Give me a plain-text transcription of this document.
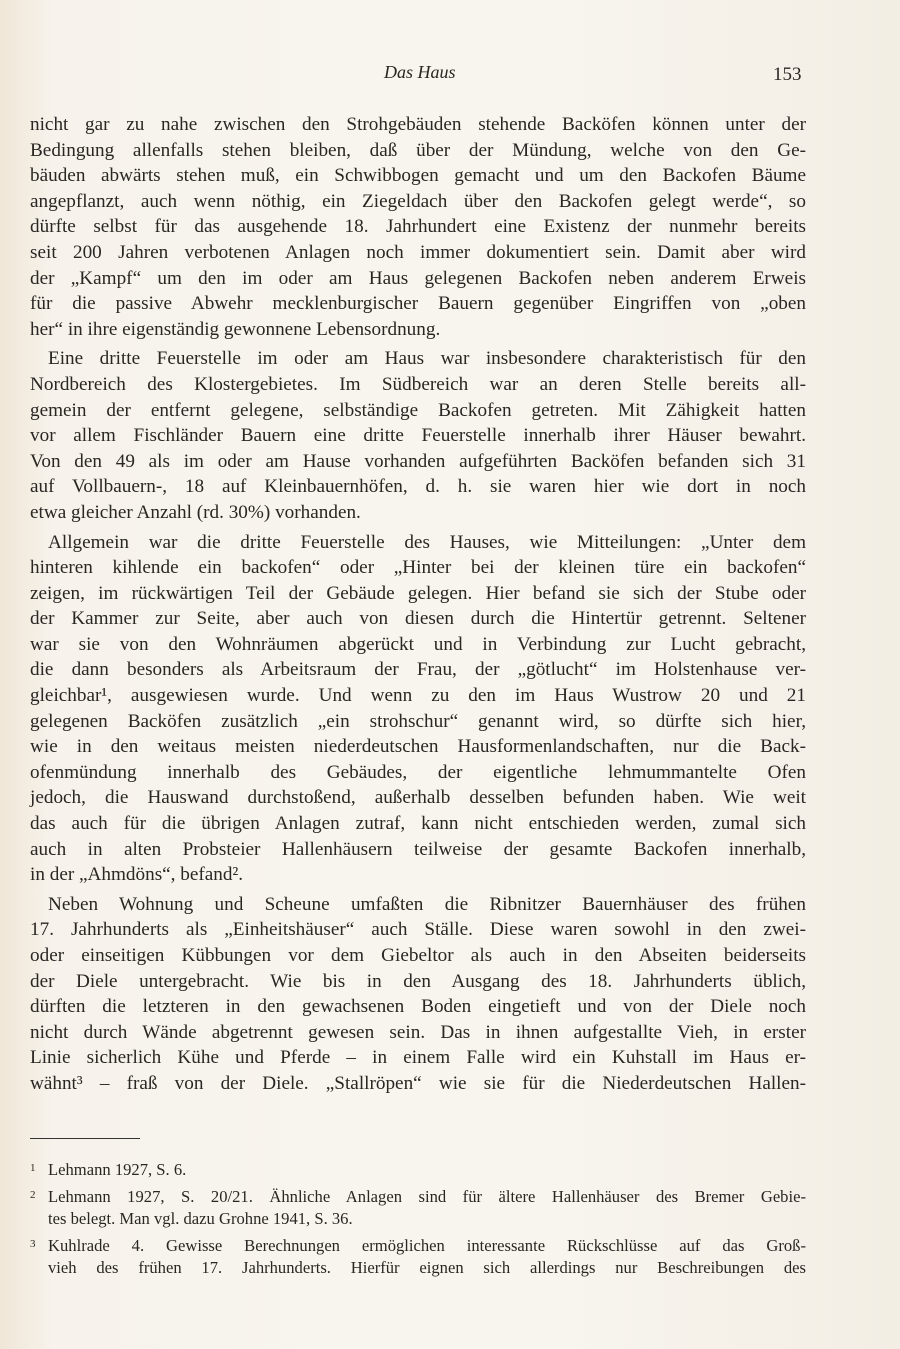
Das Haus	153
nicht gar zu nahe zwischen den Strohgebäuden stehende Backöfen können unter der
Bedingung allenfalls stehen bleiben, daß über der Mündung, welche von den Ge-
bäuden abwärts stehen muß, ein Schwibbogen gemacht und um den Backofen Bäume
angepflanzt, auch wenn nöthig, ein Ziegeldach über den Backofen gelegt werde“, so
dürfte selbst für das ausgehende 18. Jahrhundert eine Existenz der nunmehr bereits
seit 200 Jahren verbotenen Anlagen noch immer dokumentiert sein. Damit aber wird
der „Kampf“ um den im oder am Haus gelegenen Backofen neben anderem Erweis
für die passive Abwehr mecklenburgischer Bauern gegenüber Eingriffen von „oben
her“ in ihre eigenständig gewonnene Lebensordnung.
Eine dritte Feuerstelle im oder am Haus war insbesondere charakteristisch für den
Nordbereich des Klostergebietes. Im Südbereich war an deren Stelle bereits all-
gemein der entfernt gelegene, selbständige Backofen getreten. Mit Zähigkeit hatten
vor allem Fischländer Bauern eine dritte Feuerstelle innerhalb ihrer Häuser bewahrt.
Von den 49 als im oder am Hause vorhanden aufgeführten Backöfen befanden sich 31
auf Vollbauern-, 18 auf Kleinbauernhöfen, d. h. sie waren hier wie dort in noch
etwa gleicher Anzahl (rd. 30%) vorhanden.
Allgemein war die dritte Feuerstelle des Hauses, wie Mitteilungen: „Unter dem
hinteren kihlende ein backofen“ oder „Hinter bei der kleinen türe ein backofen“
zeigen, im rückwärtigen Teil der Gebäude gelegen. Hier befand sie sich der Stube oder
der Kammer zur Seite, aber auch von diesen durch die Hintertür getrennt. Seltener
war sie von den Wohnräumen abgerückt und in Verbindung zur Lucht gebracht,
die dann besonders als Arbeitsraum der Frau, der „götlucht“ im Holstenhause ver-
gleichbar¹, ausgewiesen wurde. Und wenn zu den im Haus Wustrow 20 und 21
gelegenen Backöfen zusätzlich „ein strohschur“ genannt wird, so dürfte sich hier,
wie in den weitaus meisten niederdeutschen Hausformenlandschaften, nur die Back-
ofenmündung innerhalb des Gebäudes, der eigentliche lehmummantelte Ofen
jedoch, die Hauswand durchstoßend, außerhalb desselben befunden haben. Wie weit
das auch für die übrigen Anlagen zutraf, kann nicht entschieden werden, zumal sich
auch in alten Probsteier Hallenhäusern teilweise der gesamte Backofen innerhalb,
in der „Ahmdöns“, befand².
Neben Wohnung und Scheune umfaßten die Ribnitzer Bauernhäuser des frühen
17. Jahrhunderts als „Einheitshäuser“ auch Ställe. Diese waren sowohl in den zwei-
oder einseitigen Kübbungen vor dem Giebeltor als auch in den Abseiten beiderseits
der Diele untergebracht. Wie bis in den Ausgang des 18. Jahrhunderts üblich,
dürften die letzteren in den gewachsenen Boden eingetieft und von der Diele noch
nicht durch Wände abgetrennt gewesen sein. Das in ihnen aufgestallte Vieh, in erster
Linie sicherlich Kühe und Pferde – in einem Falle wird ein Kuhstall im Haus er-
wähnt³ – fraß von der Diele. „Stallröpen“ wie sie für die Niederdeutschen Hallen-
1 Lehmann 1927, S. 6.
2 Lehmann 1927, S. 20/21. Ähnliche Anlagen sind für ältere Hallenhäuser des Bremer Gebie-
tes belegt. Man vgl. dazu Grohne 1941, S. 36.
3 Kuhlrade 4. Gewisse Berechnungen ermöglichen interessante Rückschlüsse auf das Groß-
vieh des frühen 17. Jahrhunderts. Hierfür eignen sich allerdings nur Beschreibungen des
